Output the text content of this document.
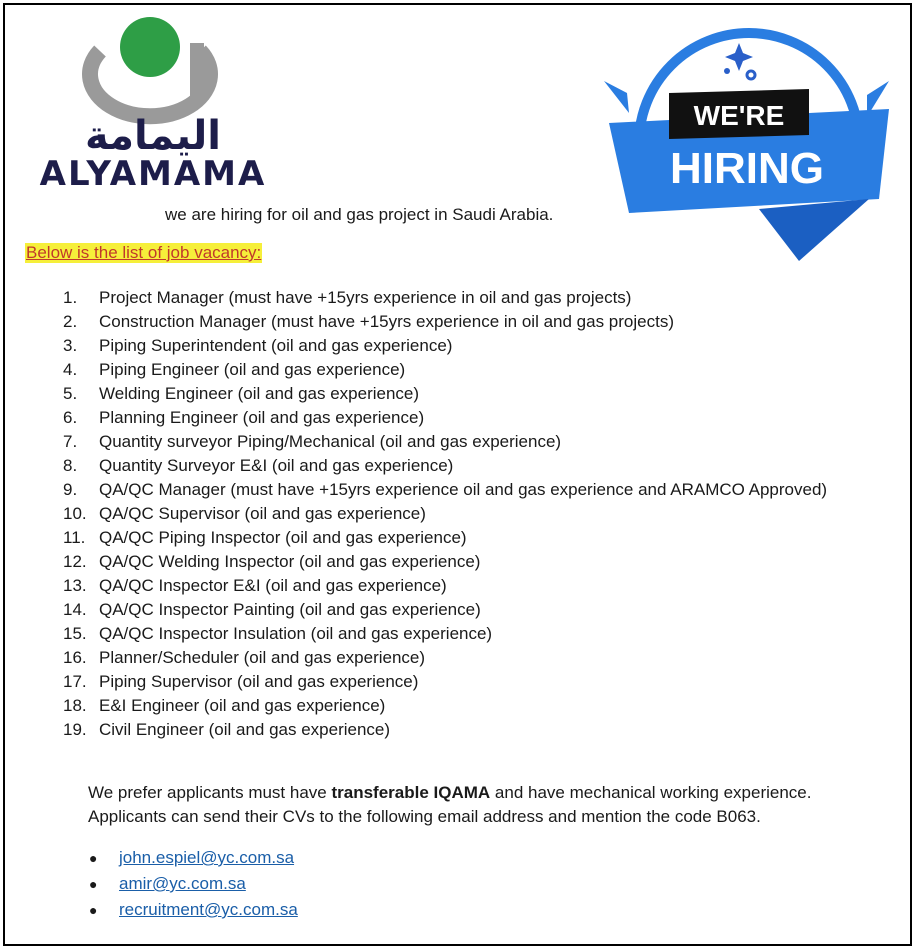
اليمامة
ALYAMAMA
WE'RE
HIRING
we are hiring for oil and gas project in Saudi Arabia.
Below is the list of job vacancy:
1.	Project Manager (must have +15yrs experience in oil and gas projects)
2.	Construction Manager (must have +15yrs experience in oil and gas projects)
3.	Piping Superintendent (oil and gas experience)
4.	Piping Engineer (oil and gas experience)
5.	Welding Engineer (oil and gas experience)
6.	Planning Engineer (oil and gas experience)
7.	Quantity surveyor Piping/Mechanical (oil and gas experience)
8.	Quantity Surveyor E&I (oil and gas experience)
9.	QA/QC Manager (must have +15yrs experience oil and gas experience and ARAMCO Approved)
10. QA/QC Supervisor (oil and gas experience)
11. QA/QC Piping Inspector (oil and gas experience)
12. QA/QC Welding Inspector (oil and gas experience)
13. QA/QC Inspector E&I (oil and gas experience)
14. QA/QC Inspector Painting (oil and gas experience)
15. QA/QC Inspector Insulation (oil and gas experience)
16. Planner/Scheduler (oil and gas experience)
17. Piping Supervisor (oil and gas experience)
18. E&I Engineer (oil and gas experience)
19. Civil Engineer (oil and gas experience)
We prefer applicants must have transferable IQAMA and have mechanical working experience.
Applicants can send their CVs to the following email address and mention the code B063.
●	john.espiel@yc.com.sa
●	amir@yc.com.sa
●	recruitment@yc.com.sa
